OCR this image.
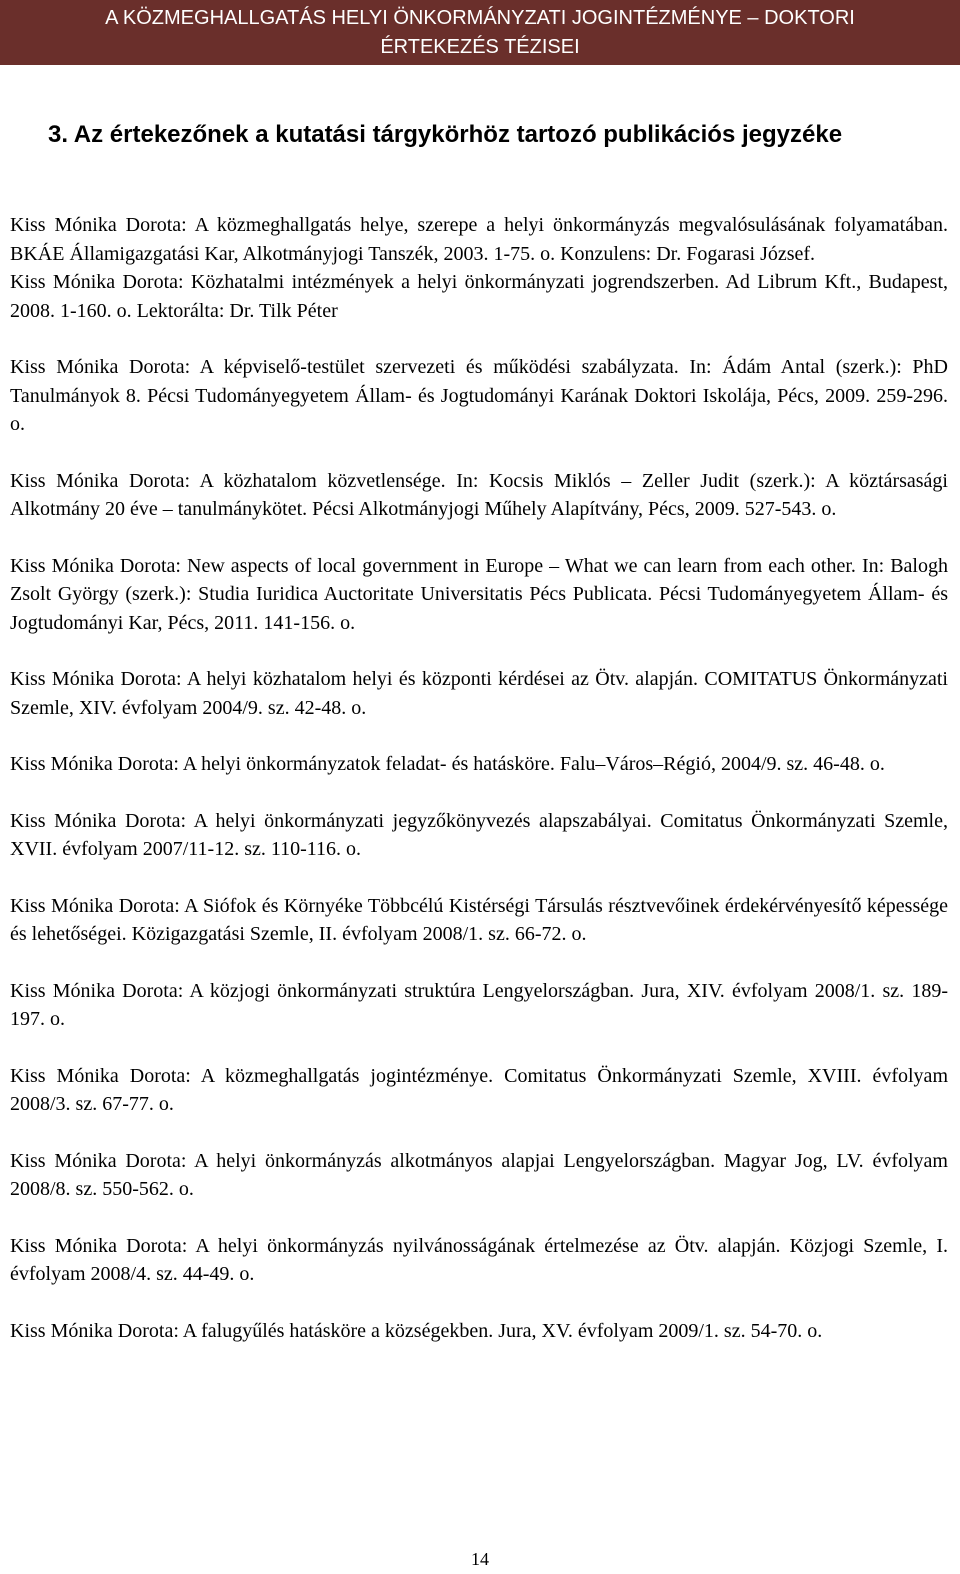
A KÖZMEGHALLGATÁS HELYI ÖNKORMÁNYZATI JOGINTÉZMÉNYE – DOKTORI
ÉRTEKEZÉS TÉZISEI
3. Az értekezőnek a kutatási tárgykörhöz tartozó publikációs jegyzéke

Kiss Mónika Dorota: A közmeghallgatás helye, szerepe a helyi önkormányzás megvalósulásának folyamatában. BKÁE Államigazgatási Kar, Alkotmányjogi Tanszék, 2003. 1-75. o. Konzulens: Dr. Fogarasi József.

Kiss Mónika Dorota: Közhatalmi intézmények a helyi önkormányzati jogrendszerben. Ad Librum Kft., Budapest, 2008. 1-160. o. Lektorálta: Dr. Tilk Péter

Kiss Mónika Dorota: A képviselő-testület szervezeti és működési szabályzata. In: Ádám Antal (szerk.): PhD Tanulmányok 8. Pécsi Tudományegyetem Állam- és Jogtudományi Karának Doktori Iskolája, Pécs, 2009. 259-296. o.

Kiss Mónika Dorota: A közhatalom közvetlensége. In: Kocsis Miklós – Zeller Judit (szerk.): A köztársasági Alkotmány 20 éve – tanulmánykötet. Pécsi Alkotmányjogi Műhely Alapítvány, Pécs, 2009. 527-543. o.

Kiss Mónika Dorota: New aspects of local government in Europe – What we can learn from each other. In: Balogh Zsolt György (szerk.): Studia Iuridica Auctoritate Universitatis Pécs Publicata. Pécsi Tudományegyetem Állam- és Jogtudományi Kar, Pécs, 2011. 141-156. o.

Kiss Mónika Dorota: A helyi közhatalom helyi és központi kérdései az Ötv. alapján. COMITATUS Önkormányzati Szemle, XIV. évfolyam 2004/9. sz. 42-48. o.

Kiss Mónika Dorota: A helyi önkormányzatok feladat- és hatásköre. Falu–Város–Régió, 2004/9. sz. 46-48. o.

Kiss Mónika Dorota: A helyi önkormányzati jegyzőkönyvezés alapszabályai. Comitatus Önkormányzati Szemle, XVII. évfolyam 2007/11-12. sz. 110-116. o.

Kiss Mónika Dorota: A Siófok és Környéke Többcélú Kistérségi Társulás résztvevőinek érdekérvényesítő képessége és lehetőségei. Közigazgatási Szemle, II. évfolyam 2008/1. sz. 66-72. o.

Kiss Mónika Dorota: A közjogi önkormányzati struktúra Lengyelországban. Jura, XIV. évfolyam 2008/1. sz. 189-197. o.

Kiss Mónika Dorota: A közmeghallgatás jogintézménye. Comitatus Önkormányzati Szemle, XVIII. évfolyam 2008/3. sz. 67-77. o.

Kiss Mónika Dorota: A helyi önkormányzás alkotmányos alapjai Lengyelországban. Magyar Jog, LV. évfolyam 2008/8. sz. 550-562. o.

Kiss Mónika Dorota: A helyi önkormányzás nyilvánosságának értelmezése az Ötv. alapján. Közjogi Szemle, I. évfolyam 2008/4. sz. 44-49. o.

Kiss Mónika Dorota: A falugyűlés hatásköre a községekben. Jura, XV. évfolyam 2009/1. sz. 54-70. o.

14
